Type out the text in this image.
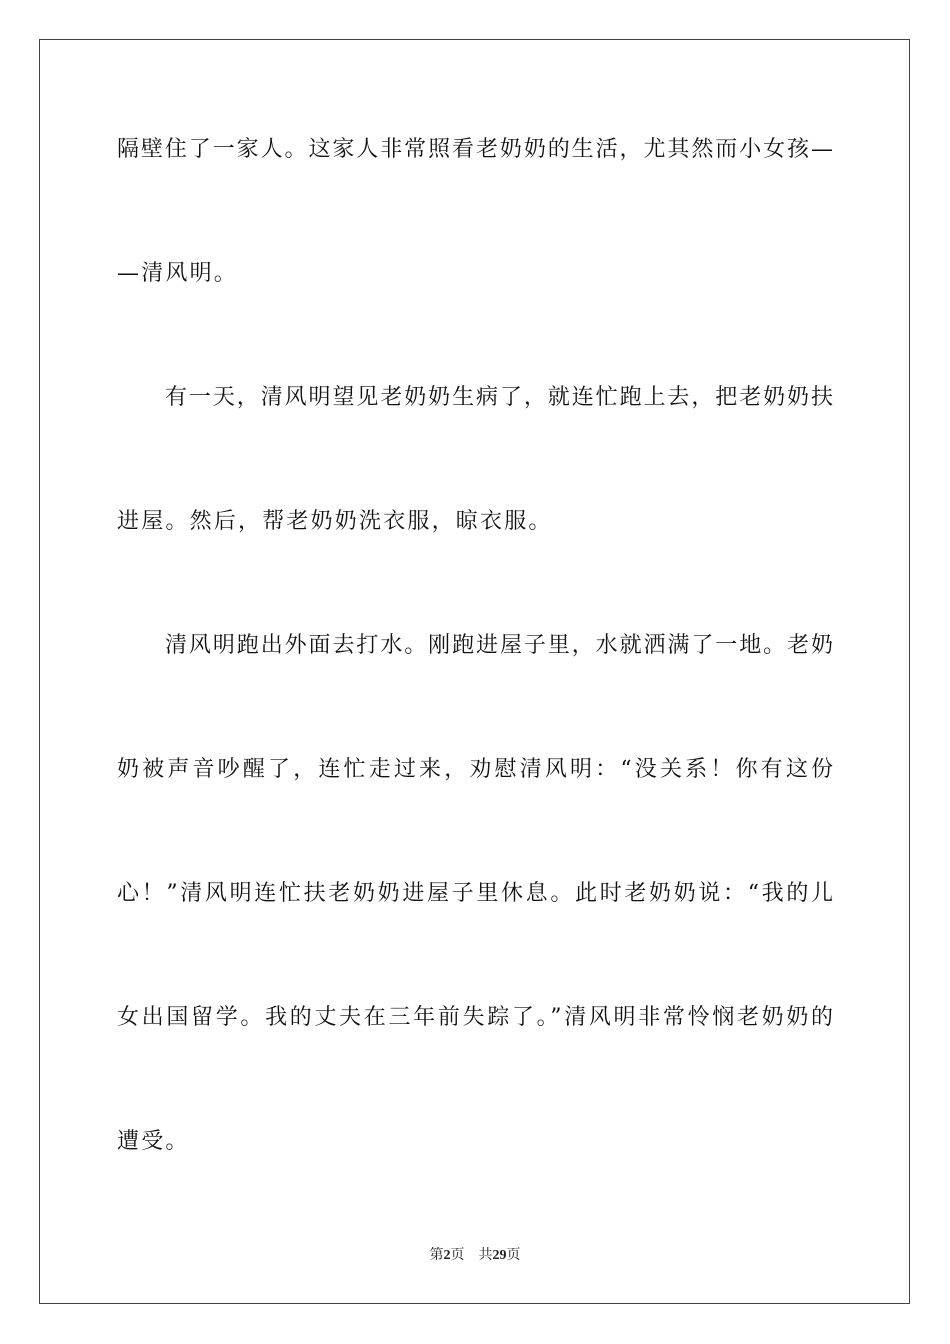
隔壁住了一家人。这家人非常照看老奶奶的生活，尤其然而小女孩—
—清风明。
有一天，清风明望见老奶奶生病了，就连忙跑上去，把老奶奶扶
进屋。然后，帮老奶奶洗衣服，晾衣服。
清风明跑出外面去打水。刚跑进屋子里，水就洒满了一地。老奶
奶被声音吵醒了，连忙走过来，劝慰清风明：“没关系！你有这份
心！”清风明连忙扶老奶奶进屋子里休息。此时老奶奶说：“我的儿
女出国留学。我的丈夫在三年前失踪了。”清风明非常怜悯老奶奶的
遭受。
第2页 共29页
